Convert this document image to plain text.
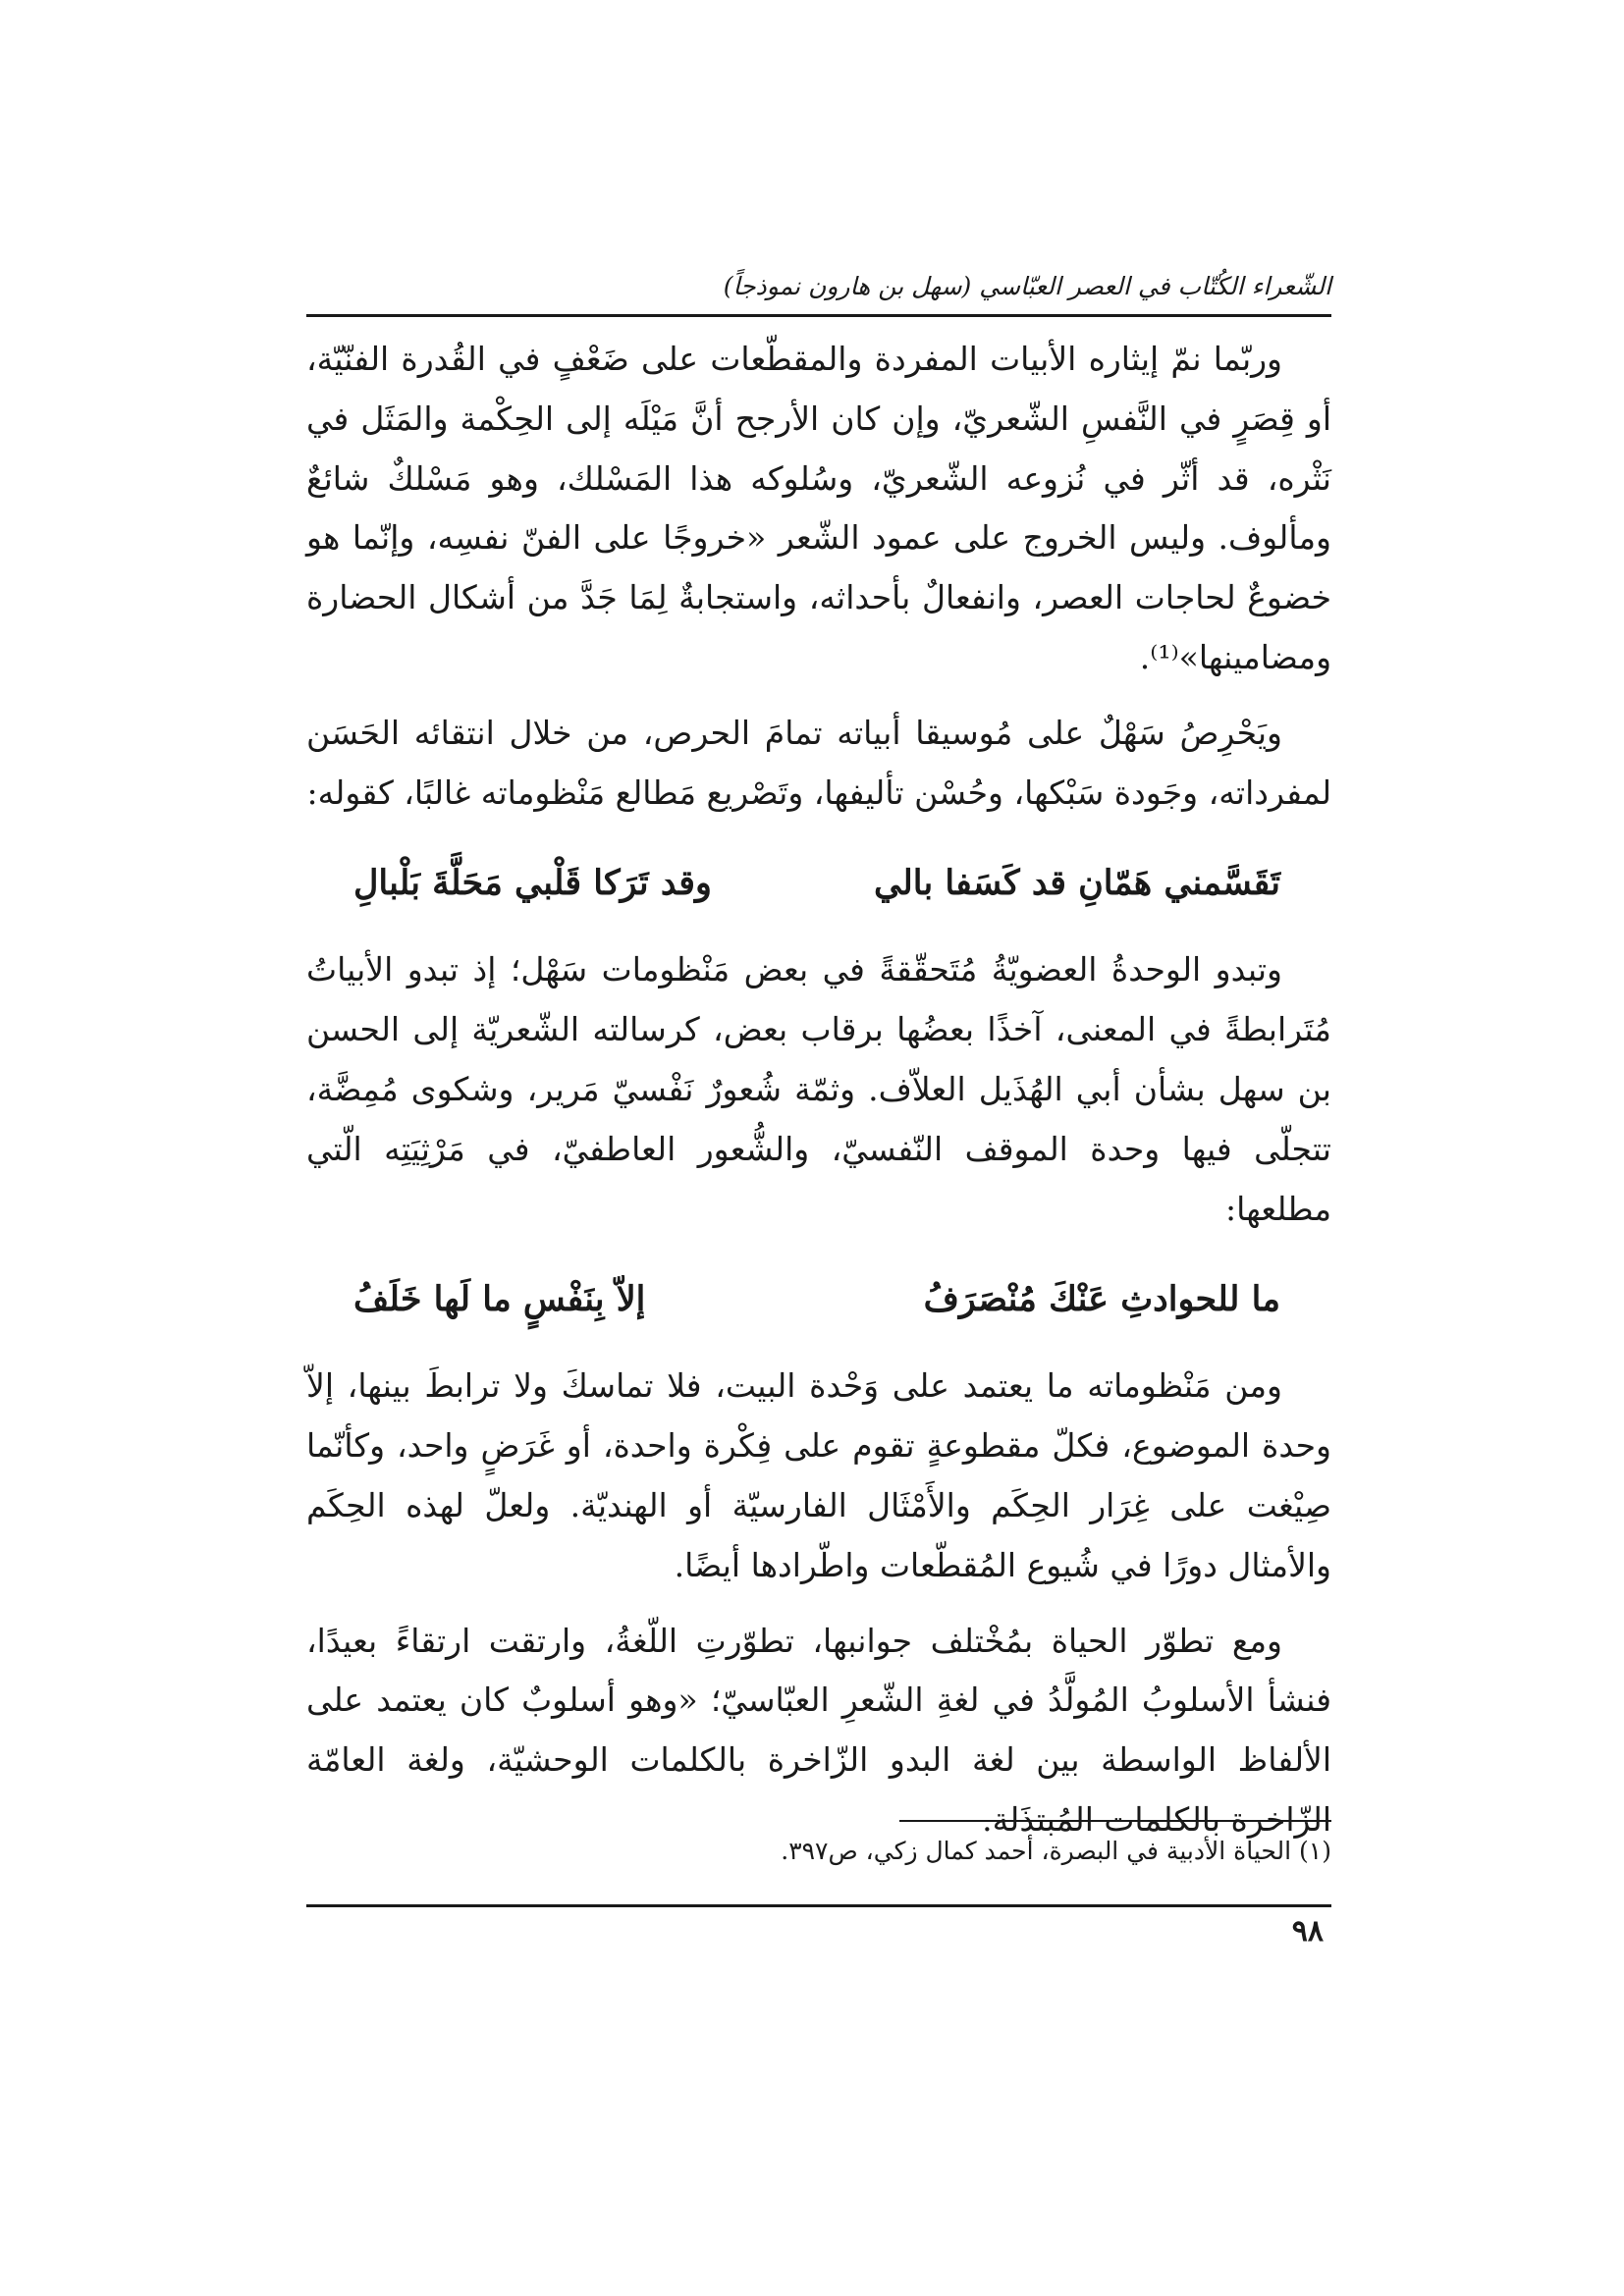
الشّعراء الكُتّاب في العصر العبّاسي (سهل بن هارون نموذجاً)

وربّما نمّ إيثاره الأبيات المفردة والمقطّعات على ضَعْفٍ في القُدرة الفنّيّة، أو قِصَرٍ في النَّفسِ الشّعريّ، وإن كان الأرجح أنَّ مَيْلَه إلى الحِكْمة والمَثَل في نَثْره، قد أثّر في نُزوعه الشّعريّ، وسُلوكه هذا المَسْلك، وهو مَسْلكٌ شائعٌ ومألوف. وليس الخروج على عمود الشّعر «خروجًا على الفنّ نفسِه، وإنّما هو خضوعٌ لحاجات العصر، وانفعالٌ بأحداثه، واستجابةٌ لِمَا جَدَّ من أشكال الحضارة ومضامينها»⁽¹⁾.

ويَحْرِصُ سَهْلٌ على مُوسيقا أبياته تمامَ الحرص، من خلال انتقائه الحَسَن لمفرداته، وجَودة سَبْكها، وحُسْن تأليفها، وتَصْريع مَطالع مَنْظوماته غالبًا، كقوله:

تَقَسَّمني هَمّانِ قد كَسَفا بالي
وقد تَرَكا قَلْبي مَحَلَّةَ بَلْبالِ

وتبدو الوحدةُ العضويّةُ مُتَحقّقةً في بعض مَنْظومات سَهْل؛ إذ تبدو الأبياتُ مُتَرابطةً في المعنى، آخذًا بعضُها برقاب بعض، كرسالته الشّعريّة إلى الحسن بن سهل بشأن أبي الهُذَيل العلاّف. وثمّة شُعورٌ نَفْسيّ مَرير، وشكوى مُمِضَّة، تتجلّى فيها وحدة الموقف النّفسيّ، والشُّعور العاطفيّ، في مَرْثِيَتِه الّتي مطلعها:

ما للحوادثِ عَنْكَ مُنْصَرَفُ
إلاّ بِنَفْسٍ ما لَها خَلَفُ

ومن مَنْظوماته ما يعتمد على وَحْدة البيت، فلا تماسكَ ولا ترابطَ بينها، إلاّ وحدة الموضوع، فكلّ مقطوعةٍ تقوم على فِكْرة واحدة، أو غَرَضٍ واحد، وكأنّما صِيْغت على غِرَار الحِكَم والأَمْثَال الفارسيّة أو الهنديّة. ولعلّ لهذه الحِكَم والأمثال دورًا في شُيوع المُقطّعات واطّرادها أيضًا.

ومع تطوّر الحياة بمُخْتلف جوانبها، تطوّرتِ اللّغةُ، وارتقت ارتقاءً بعيدًا، فنشأ الأسلوبُ المُولَّدُ في لغةِ الشّعرِ العبّاسيّ؛ «وهو أسلوبٌ كان يعتمد على الألفاظ الواسطة بين لغة البدو الزّاخرة بالكلمات الوحشيّة، ولغة العامّة الزّاخرة بالكلمات المُبتذَلة.

(١) الحياة الأدبية في البصرة، أحمد كمال زكي، ص٣٩٧.
٩٨
